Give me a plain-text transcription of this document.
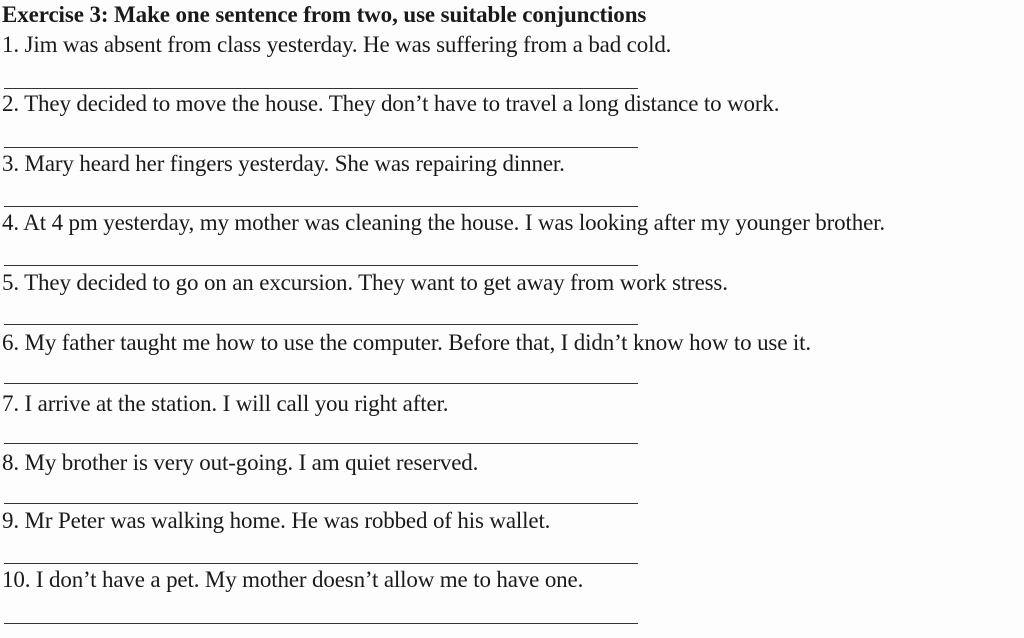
Exercise 3: Make one sentence from two, use suitable conjunctions
1. Jim was absent from class yesterday. He was suffering from a bad cold.
2. They decided to move the house. They don’t have to travel a long distance to work.
3. Mary heard her fingers yesterday. She was repairing dinner.
4. At 4 pm yesterday, my mother was cleaning the house. I was looking after my younger brother.
5. They decided to go on an excursion. They want to get away from work stress.
6. My father taught me how to use the computer. Before that, I didn’t know how to use it.
7. I arrive at the station. I will call you right after.
8. My brother is very out-going. I am quiet reserved.
9. Mr Peter was walking home. He was robbed of his wallet.
10. I don’t have a pet. My mother doesn’t allow me to have one.
